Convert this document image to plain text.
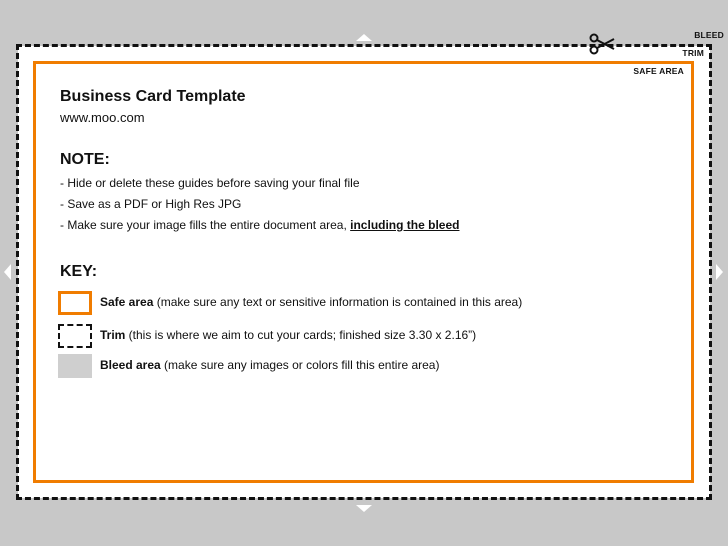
BLEED
TRIM
SAFE AREA
Business Card Template
www.moo.com
NOTE:
- Hide or delete these guides before saving your final file
- Save as a PDF or High Res JPG
- Make sure your image fills the entire document area, including the bleed
KEY:
Safe area (make sure any text or sensitive information is contained in this area)
Trim (this is where we aim to cut your cards; finished size 3.30 x 2.16”)
Bleed area (make sure any images or colors fill this entire area)
